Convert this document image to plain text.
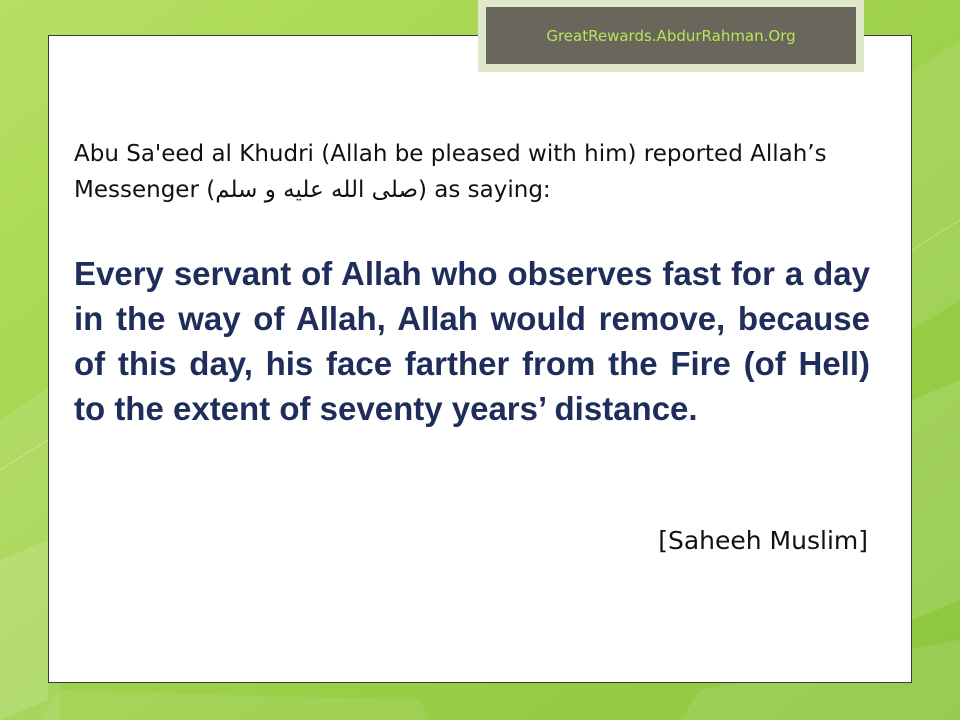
GreatRewards.AbdurRahman.Org

Abu Sa'eed al Khudri (Allah be pleased with him) reported Allah’s Messenger (صلى الله عليه و سلم) as saying:

Every servant of Allah who observes fast for a day in the way of Allah, Allah would remove, because of this day, his face farther from the Fire (of Hell) to the extent of seventy years’ distance.

[Saheeh Muslim]
